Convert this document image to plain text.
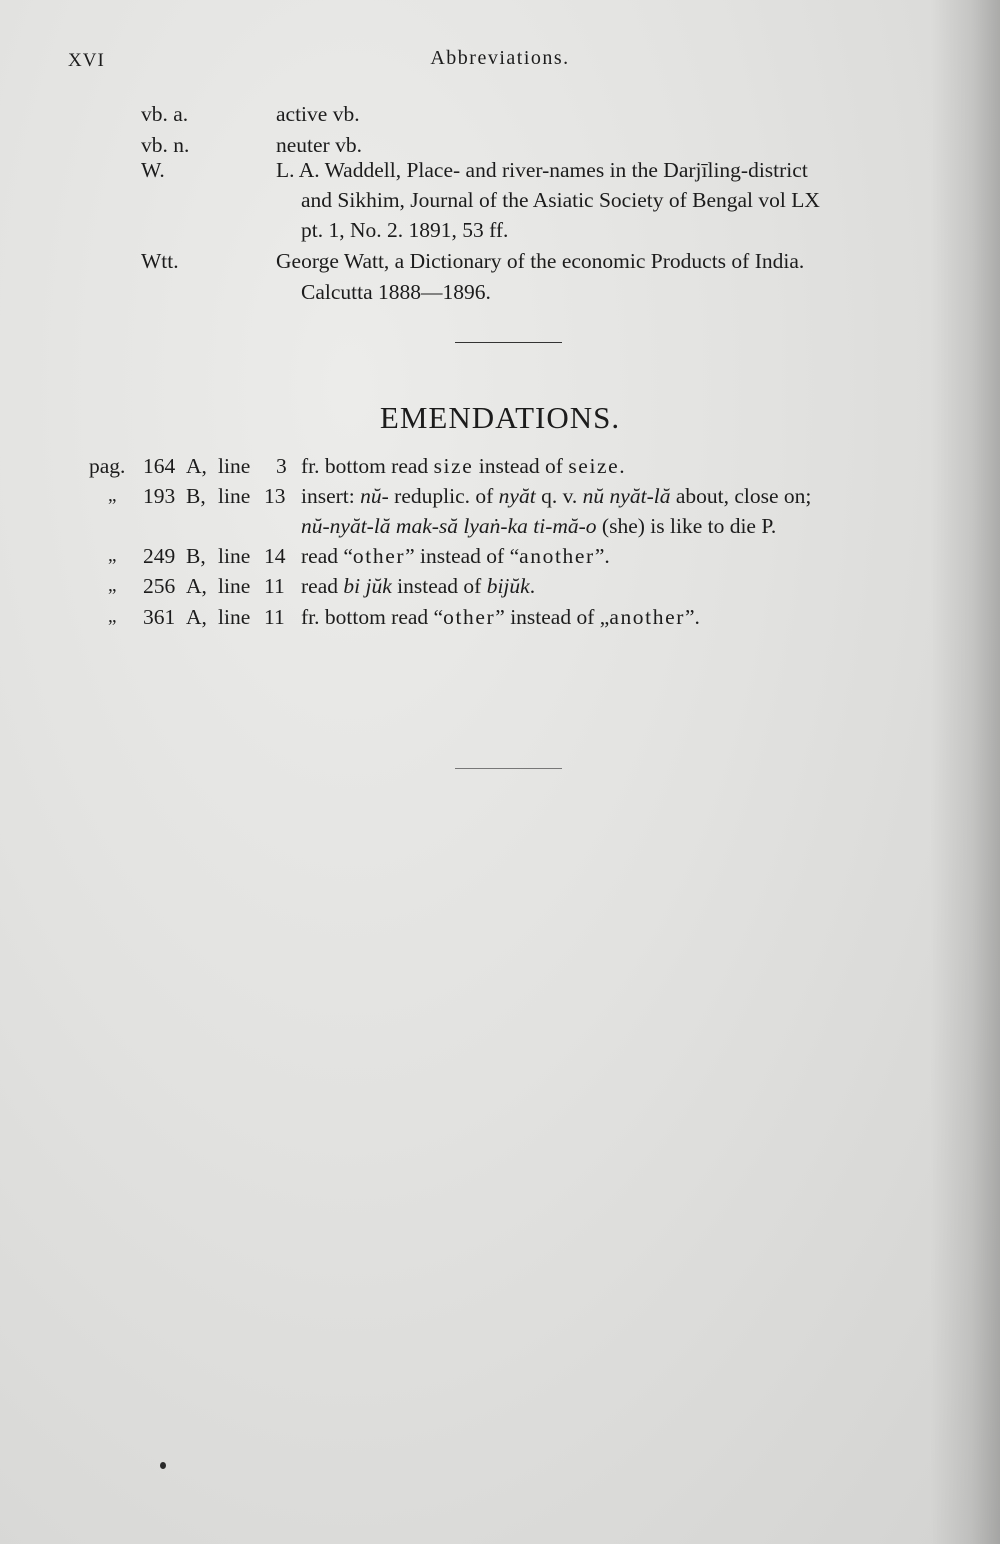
XVI	Abbreviations.
vb. a.	active vb.
vb. n.	neuter vb.
W.	L. A. Waddell, Place- and river-names in the Darjīling-district
and Sikhim, Journal of the Asiatic Society of Bengal vol LX
pt. 1, No. 2. 1891, 53 ff.
Wtt.	George Watt, a Dictionary of the economic Products of India.
Calcutta 1888—1896.
EMENDATIONS.
pag. 164 A, line 3 fr. bottom read size instead of seize.
„ 193 B, line 13 insert: nŭ- reduplic. of nyăt q. v. nŭ nyăt-lă about, close on;
nŭ-nyăt-lă mak-să lyaṅ-ka ti-mă-o (she) is like to die P.
„ 249 B, line 14 read “other” instead of “another”.
„ 256 A, line 11 read bi jŭk instead of bijŭk.
„ 361 A, line 11 fr. bottom read “other” instead of „another”.
